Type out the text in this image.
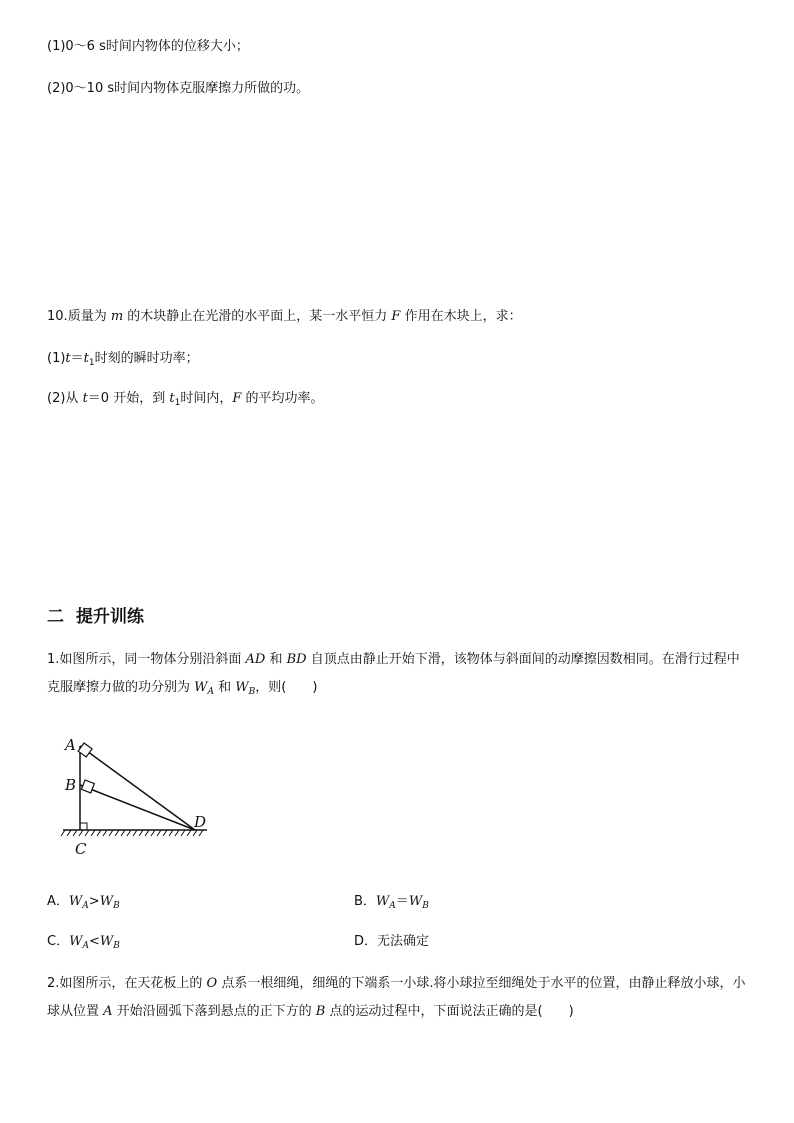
(1)0～6 s时间内物体的位移大小；
(2)0～10 s时间内物体克服摩擦力所做的功。
10.质量为 m 的木块静止在光滑的水平面上，某一水平恒力 F 作用在木块上，求：
$(1)t=t_1$时刻的瞬时功率；
(2)从 t＝0 开始，到 $t_1$时间内，F 的平均功率。
二 提升训练
1.如图所示，同一物体分别沿斜面 AD 和 BD 自顶点由静止开始下滑，该物体与斜面间的动摩擦因数相同。在滑行过程中克服摩擦力做的功分别为 $W_A$ 和 $W_B$，则(　　)
A
B
C
D
A．$W_A>W_B$	B．$W_A=W_B$
C．$W_A<W_B$	D．无法确定
2.如图所示，在天花板上的 O 点系一根细绳，细绳的下端系一小球.将小球拉至细绳处于水平的位置，由静止释放小球，小球从位置 A 开始沿圆弧下落到悬点的正下方的 B 点的运动过程中，下面说法正确的是(　　)
